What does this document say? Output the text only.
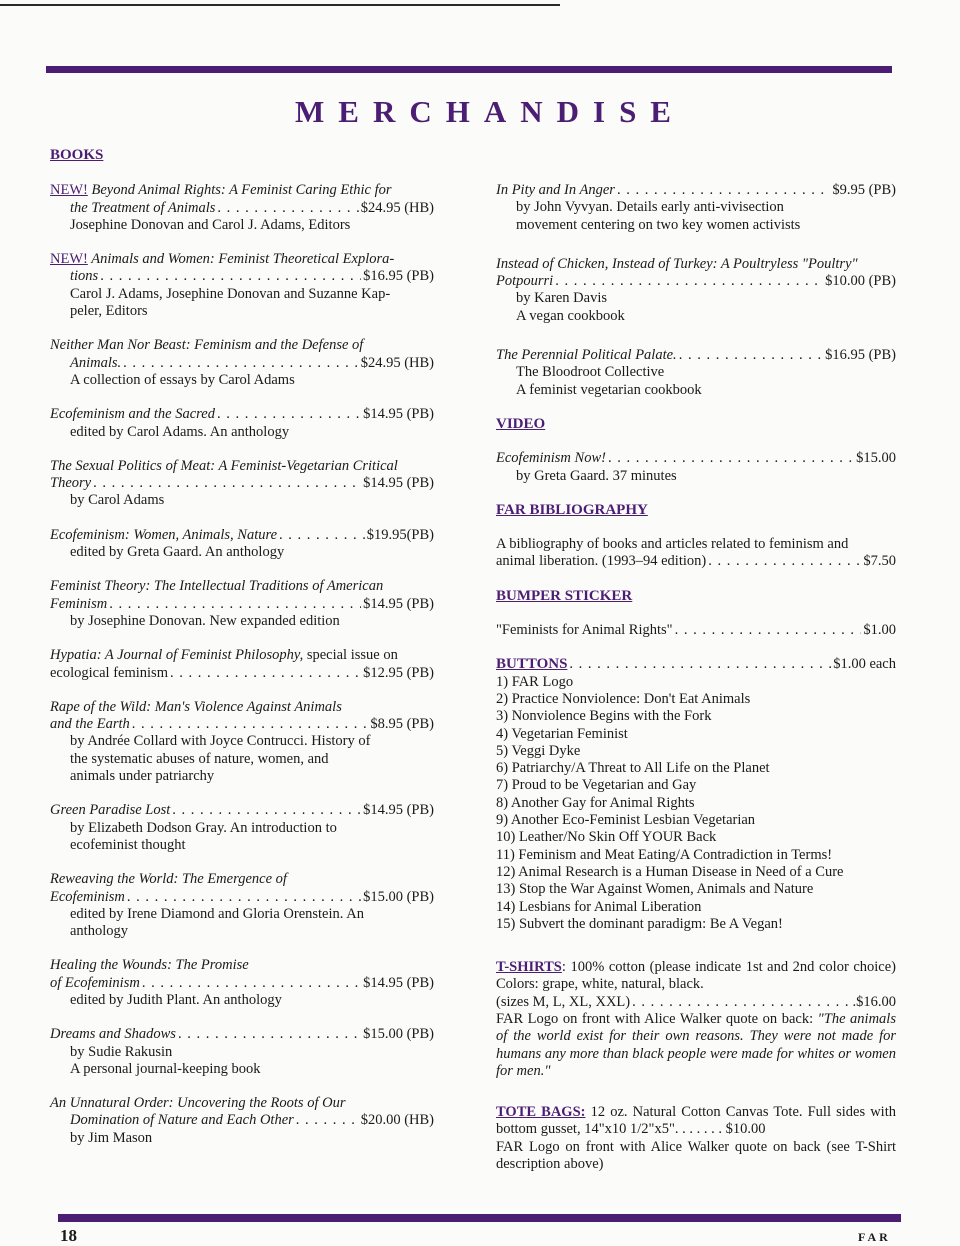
MERCHANDISE
BOOKS
NEW! Beyond Animal Rights: A Feminist Caring Ethic for
the Treatment of Animals . . .	$24.95 (HB)
Josephine Donovan and Carol J. Adams, Editors
NEW! Animals and Women: Feminist Theoretical Explora-
tions . . .	$16.95 (PB)
Carol J. Adams, Josephine Donovan and Suzanne Kap-
peler, Editors
Neither Man Nor Beast: Feminism and the Defense of
Animals. . . .	$24.95 (HB)
A collection of essays by Carol Adams
Ecofeminism and the Sacred . . .	$14.95 (PB)
edited by Carol Adams. An anthology
The Sexual Politics of Meat: A Feminist-Vegetarian Critical
Theory . . .	$14.95 (PB)
by Carol Adams
Ecofeminism: Women, Animals, Nature . . .	$19.95(PB)
edited by Greta Gaard. An anthology
Feminist Theory: The Intellectual Traditions of American
Feminism . . .	$14.95 (PB)
by Josephine Donovan. New expanded edition
Hypatia: A Journal of Feminist Philosophy, special issue on
ecological feminism . . .	$12.95 (PB)
Rape of the Wild: Man's Violence Against Animals
and the Earth . . .	$8.95 (PB)
by Andrée Collard with Joyce Contrucci. History of
the systematic abuses of nature, women, and
animals under patriarchy
Green Paradise Lost . . .	$14.95 (PB)
by Elizabeth Dodson Gray. An introduction to
ecofeminist thought
Reweaving the World: The Emergence of
Ecofeminism . . .	$15.00 (PB)
edited by Irene Diamond and Gloria Orenstein. An
anthology
Healing the Wounds: The Promise
of Ecofeminism . . .	$14.95 (PB)
edited by Judith Plant. An anthology
Dreams and Shadows . . .	$15.00 (PB)
by Sudie Rakusin
A personal journal-keeping book
An Unnatural Order: Uncovering the Roots of Our
Domination of Nature and Each Other . . .	$20.00 (HB)
by Jim Mason
In Pity and In Anger . . .	$9.95 (PB)
by John Vyvyan. Details early anti-vivisection
movement centering on two key women activists
Instead of Chicken, Instead of Turkey: A Poultryless "Poultry"
Potpourri . . .	$10.00 (PB)
by Karen Davis
A vegan cookbook
The Perennial Political Palate. . . .	$16.95 (PB)
The Bloodroot Collective
A feminist vegetarian cookbook
VIDEO
Ecofeminism Now! . . .	$15.00
by Greta Gaard. 37 minutes
FAR BIBLIOGRAPHY
A bibliography of books and articles related to feminism and
animal liberation. (1993–94 edition) . . .	$7.50
BUMPER STICKER
"Feminists for Animal Rights" . . .	$1.00
BUTTONS . . .	$1.00 each
1) FAR Logo
2) Practice Nonviolence: Don't Eat Animals
3) Nonviolence Begins with the Fork
4) Vegetarian Feminist
5) Veggi Dyke
6) Patriarchy/A Threat to All Life on the Planet
7) Proud to be Vegetarian and Gay
8) Another Gay for Animal Rights
9) Another Eco-Feminist Lesbian Vegetarian
10) Leather/No Skin Off YOUR Back
11) Feminism and Meat Eating/A Contradiction in Terms!
12) Animal Research is a Human Disease in Need of a Cure
13) Stop the War Against Women, Animals and Nature
14) Lesbians for Animal Liberation
15) Subvert the dominant paradigm: Be A Vegan!
T-SHIRTS: 100% cotton (please indicate 1st and 2nd color choice) Colors: grape, white, natural, black.
(sizes M, L, XL, XXL) . . .	.$16.00
FAR Logo on front with Alice Walker quote on back: "The animals of the world exist for their own reasons. They were not made for humans any more than black people were made for whites or women for men."
TOTE BAGS: 12 oz. Natural Cotton Canvas Tote. Full sides with bottom gusset, 14"x10 1/2"x5". . . . . . . $10.00
FAR Logo on front with Alice Walker quote on back (see T-Shirt description above)
18	FAR
